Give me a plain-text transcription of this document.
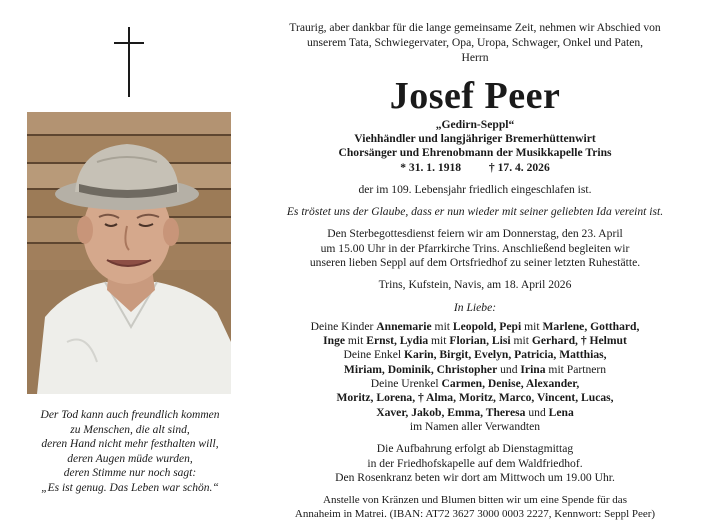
Der Tod kann auch freundlich kommen
zu Menschen, die alt sind,
deren Hand nicht mehr festhalten will,
deren Augen müde wurden,
deren Stimme nur noch sagt:
„Es ist genug. Das Leben war schön.“
Traurig, aber dankbar für die lange gemeinsame Zeit, nehmen wir Abschied von
unserem Tata, Schwiegervater, Opa, Uropa, Schwager, Onkel und Paten,
Herrn
Josef Peer
„Gedirn-Seppl“
Viehhändler und langjähriger Bremerhüttenwirt
Chorsänger und Ehrenobmann der Musikkapelle Trins
* 31. 1. 1918 † 17. 4. 2026
der im 109. Lebensjahr friedlich eingeschlafen ist.
Es tröstet uns der Glaube, dass er nun wieder mit seiner geliebten Ida vereint ist.
Den Sterbegottesdienst feiern wir am Donnerstag, den 23. April
um 15.00 Uhr in der Pfarrkirche Trins. Anschließend begleiten wir
unseren lieben Seppl auf dem Ortsfriedhof zu seiner letzten Ruhestätte.
Trins, Kufstein, Navis, am 18. April 2026
In Liebe:
Deine Kinder Annemarie mit Leopold, Pepi mit Marlene, Gotthard,
Inge mit Ernst, Lydia mit Florian, Lisi mit Gerhard, † Helmut
Deine Enkel Karin, Birgit, Evelyn, Patricia, Matthias,
Miriam, Dominik, Christopher und Irina mit Partnern
Deine Urenkel Carmen, Denise, Alexander,
Moritz, Lorena, † Alma, Moritz, Marco, Vincent, Lucas,
Xaver, Jakob, Emma, Theresa und Lena
im Namen aller Verwandten
Die Aufbahrung erfolgt ab Dienstagmittag
in der Friedhofskapelle auf dem Waldfriedhof.
Den Rosenkranz beten wir dort am Mittwoch um 19.00 Uhr.
Anstelle von Kränzen und Blumen bitten wir um eine Spende für das
Annaheim in Matrei. (IBAN: AT72 3627 3000 0003 2227, Kennwort: Seppl Peer)
